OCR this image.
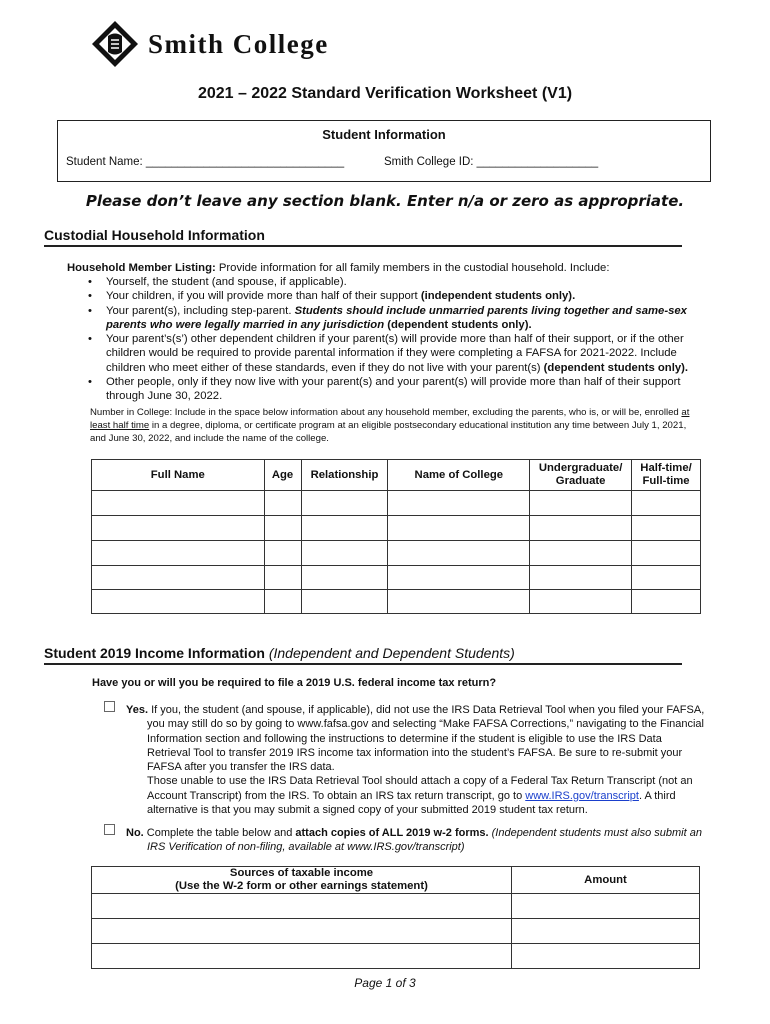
Smith College
2021 – 2022 Standard Verification Worksheet (V1)
Student Information
Student Name: _______________________________	Smith College ID: ___________________
Please don’t leave any section blank. Enter n/a or zero as appropriate.
Custodial Household Information
Household Member Listing: Provide information for all family members in the custodial household. Include:
• Yourself, the student (and spouse, if applicable).
• Your children, if you will provide more than half of their support (independent students only).
• Your parent(s), including step-parent. Students should include unmarried parents living together and same-sex parents who were legally married in any jurisdiction (dependent students only).
• Your parent’s(s’) other dependent children if your parent(s) will provide more than half of their support, or if the other children would be required to provide parental information if they were completing a FAFSA for 2021-2022. Include children who meet either of these standards, even if they do not live with your parent(s) (dependent students only).
• Other people, only if they now live with your parent(s) and your parent(s) will provide more than half of their support through June 30, 2022.
Number in College: Include in the space below information about any household member, excluding the parents, who is, or will be, enrolled at least half time in a degree, diploma, or certificate program at an eligible postsecondary educational institution any time between July 1, 2021, and June 30, 2022, and include the name of the college.
Full Name	Age	Relationship	Name of College	Undergraduate/ Graduate	Half-time/ Full-time

Student 2019 Income Information (Independent and Dependent Students)
Have you or will you be required to file a 2019 U.S. federal income tax return?
Yes. If you, the student (and spouse, if applicable), did not use the IRS Data Retrieval Tool when you filed your FAFSA, you may still do so by going to www.fafsa.gov and selecting “Make FAFSA Corrections,” navigating to the Financial Information section and following the instructions to determine if the student is eligible to use the IRS Data Retrieval Tool to transfer 2019 IRS income tax information into the student’s FAFSA. Be sure to re-submit your FAFSA after you transfer the IRS data.
Those unable to use the IRS Data Retrieval Tool should attach a copy of a Federal Tax Return Transcript (not an Account Transcript) from the IRS. To obtain an IRS tax return transcript, go to www.IRS.gov/transcript. A third alternative is that you may submit a signed copy of your submitted 2019 student tax return.
No. Complete the table below and attach copies of ALL 2019 w-2 forms. (Independent students must also submit an IRS Verification of non-filing, available at www.IRS.gov/transcript)
Sources of taxable income
(Use the W-2 form or other earnings statement)	Amount

Page 1 of 3
